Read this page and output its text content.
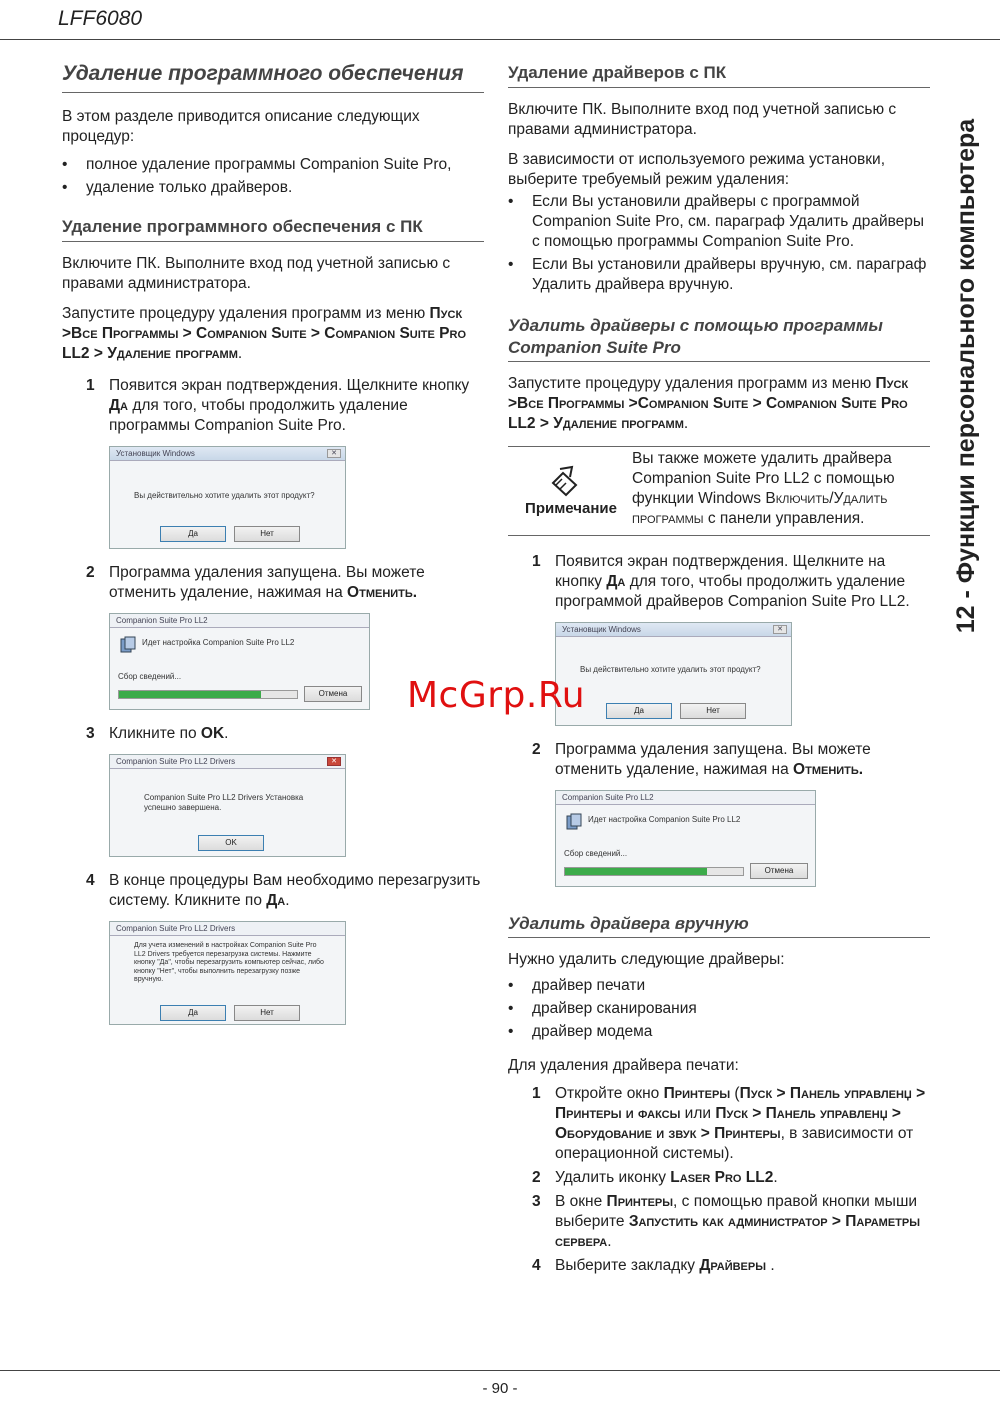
LFF6080
12 - Функции персонального компьютера
Удаление программного обеспечения

В этом разделе приводится описание следующих процедур:

• полное удаление программы Companion Suite Pro,
• удаление только драйверов.
Удаление программного обеспечения с ПК

Включите ПК. Выполните вход под учетной записью с правами администратора.

Запустите процедуру удаления программ из меню Пуск >Все Программы > Companion Suite > Companion Suite Pro LL2 > Удаление программ.

1 Появится экран подтверждения. Щелкните кнопку Да для того, чтобы продолжить удаление программы Companion Suite Pro.
Установщик Windows	✕
Вы действительно хотите удалить этот продукт?
Да	Нет
2 Программа удаления запущена. Вы можете отменить удаление, нажимая на Отменить.
Companion Suite Pro LL2
Идет настройка Companion Suite Pro LL2
Сбор сведений...
Отмена
3 Кликните по OK.
Companion Suite Pro LL2 Drivers	✕
Companion Suite Pro LL2 Drivers Установка успешно завершена.
OK
4 В конце процедуры Вам необходимо перезагрузить систему. Кликните по Да.
Companion Suite Pro LL2 Drivers
Для учета изменений в настройках Companion Suite Pro LL2 Drivers требуется перезагрузка системы. Нажмите кнопку "Да", чтобы перезагрузить компьютер сейчас, либо кнопку "Нет", чтобы выполнить перезагрузку позже вручную.
Да	Нет
Удаление драйверов с ПК

Включите ПК. Выполните вход под учетной записью с правами администратора.

В зависимости от используемого режима установки, выберите требуемый режим удаления:

• Если Вы установили драйверы с программой Companion Suite Pro, см. параграф Удалить драйверы с помощью программы Companion Suite Pro.
• Если Вы установили драйверы вручную, см. параграф Удалить драйвера вручную.
Удалить драйверы с помощью программы Companion Suite Pro

Запустите процедуру удаления программ из меню Пуск >Все Программы >Companion Suite > Companion Suite Pro LL2 > Удаление программ.

Примечание
Вы также можете удалить драйвера Companion Suite Pro LL2 с помощью функции Windows Включить/Удалить программы с панели управления.
1 Появится экран подтверждения. Щелкните на кнопку Да для того, чтобы продолжить удаление программой драйверов Companion Suite Pro LL2.
Установщик Windows	✕
Вы действительно хотите удалить этот продукт?
Да	Нет
2 Программа удаления запущена. Вы можете отменить удаление, нажимая на Отменить.
Companion Suite Pro LL2
Идет настройка Companion Suite Pro LL2
Сбор сведений...
Отмена
Удалить драйвера вручную

Нужно удалить следующие драйверы:

• драйвер печати
• драйвер сканирования
• драйвер модема

Для удаления драйвера печати:

1 Откройте окно Принтеры (Пуск > Панель управленџ > Принтеры и факсы или Пуск > Панель управленџ > Оборудование и звук > Принтеры, в зависимости от операционной системы).
2 Удалить иконку Laser Pro LL2.
3 В окне Принтеры, с помощью правой кнопки мыши выберите Запустить как администратор > Параметры сервера.
4 Выберите закладку Драйверы .
McGrp.Ru
- 90 -
